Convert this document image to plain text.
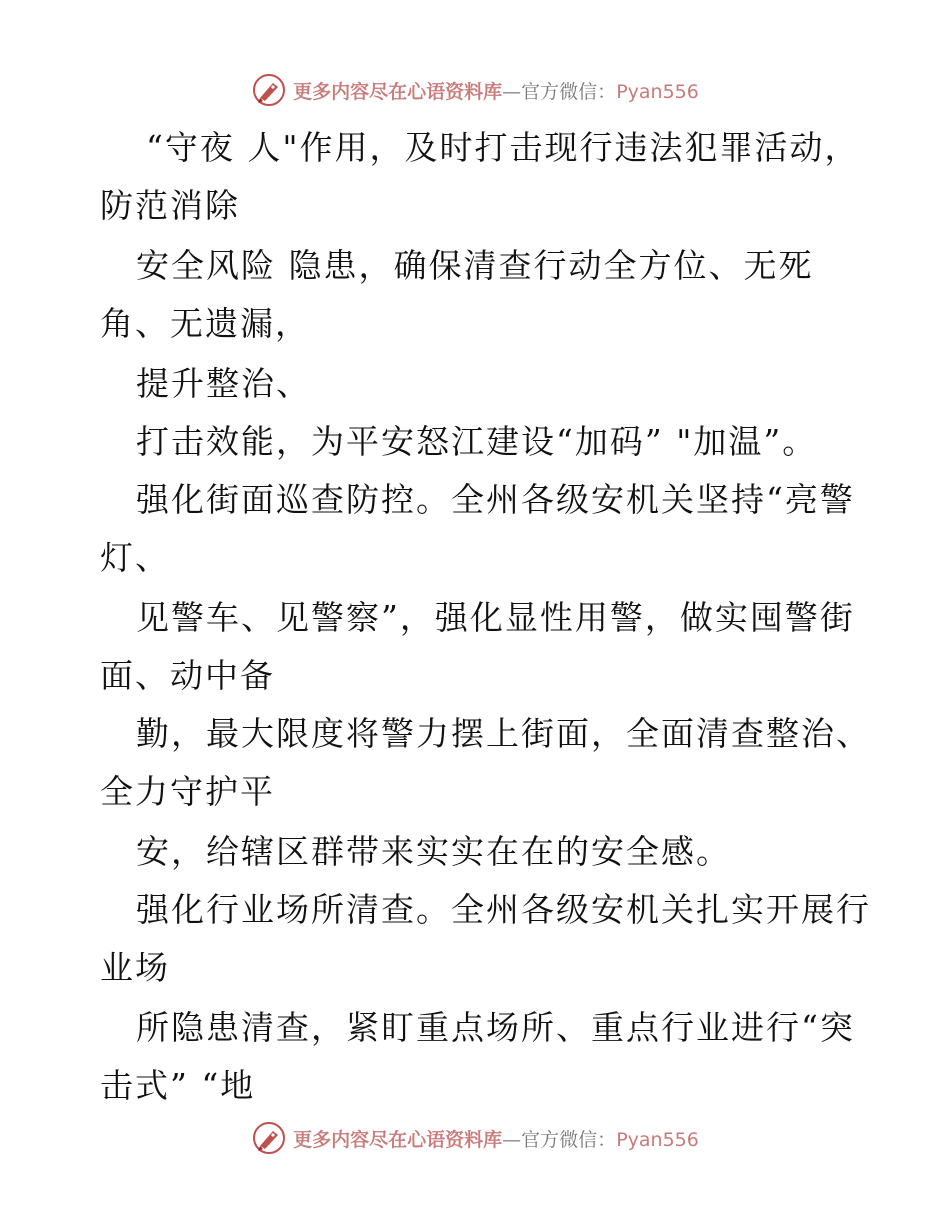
更多内容尽在心语资料库—官方微信：Pyan556
“守夜 人"作用，及时打击现行违法犯罪活动，
防范消除
安全风险 隐患，确保清查行动全方位、无死
角、无遗漏，
提升整治、
打击效能，为平安怒江建设“加码” "加温”。
强化街面巡查防控。全州各级安机关坚持“亮警
灯、
见警车、见警察”，强化显性用警，做实囤警街
面、动中备
勤，最大限度将警力摆上街面，全面清查整治、
全力守护平
安，给辖区群带来实实在在的安全感。
强化行业场所清查。全州各级安机关扎实开展行
业场
所隐患清查，紧盯重点场所、重点行业进行“突
击式” “地
更多内容尽在心语资料库—官方微信：Pyan556
